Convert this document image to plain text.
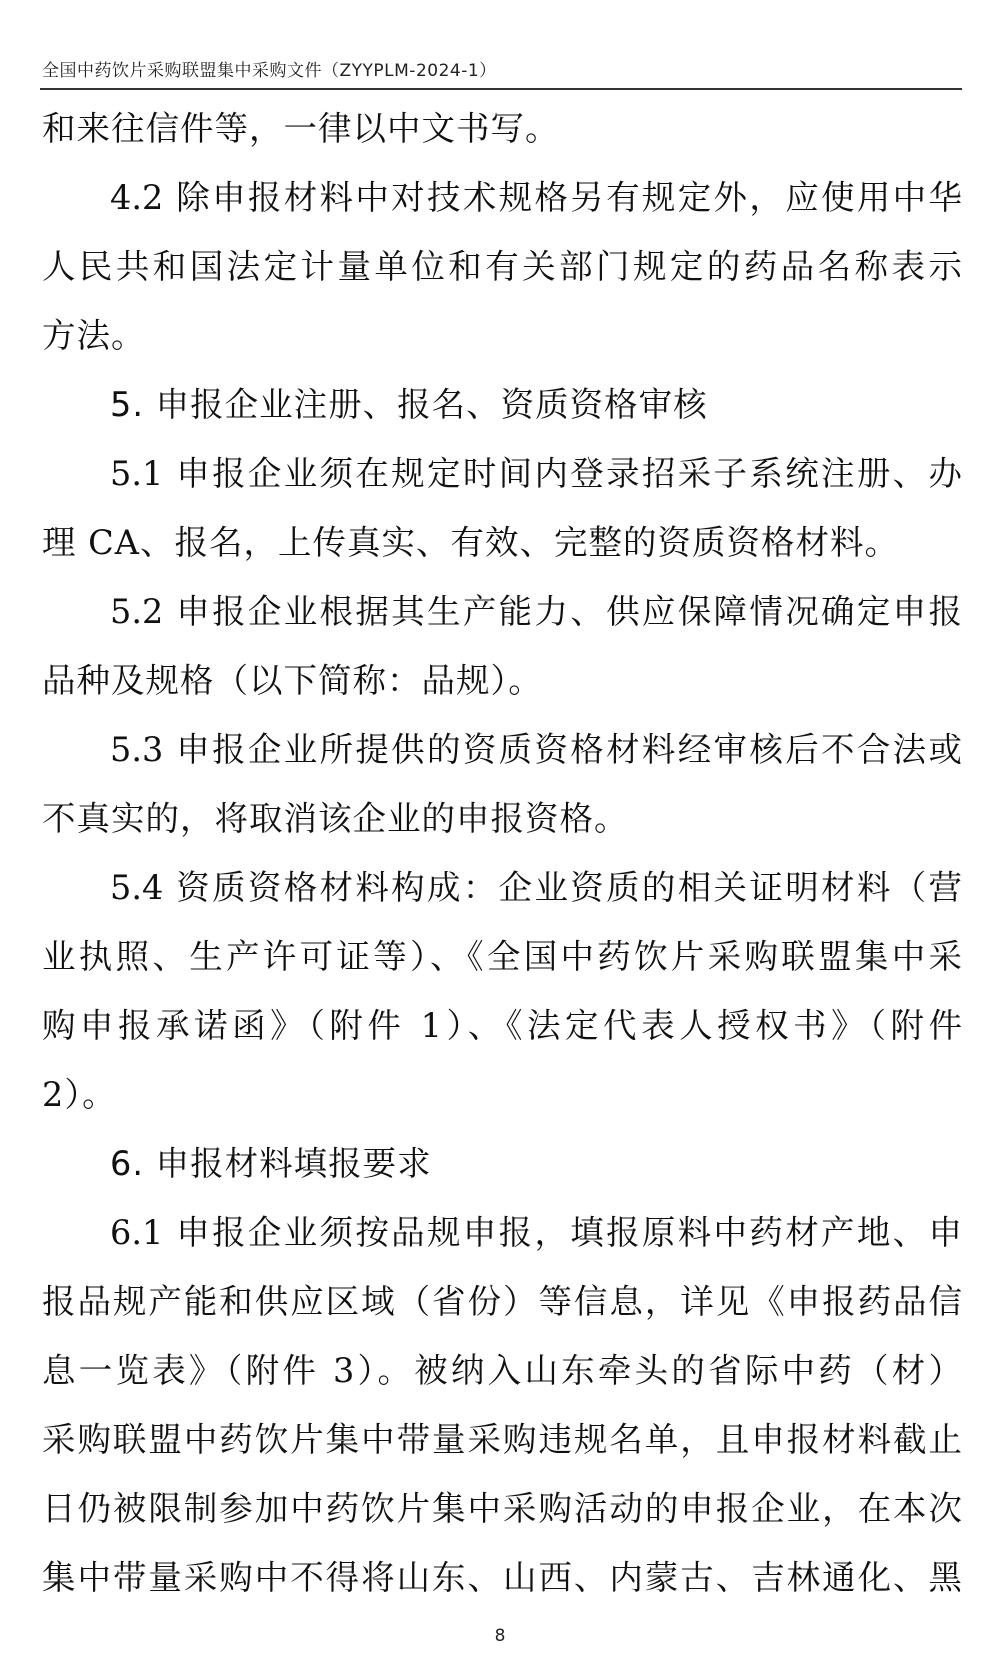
全国中药饮片采购联盟集中采购文件（ZYYPLM-2024-1）
和来往信件等，一律以中文书写。
4.2 除申报材料中对技术规格另有规定外，应使用中华
人民共和国法定计量单位和有关部门规定的药品名称表示
方法。
5. 申报企业注册、报名、资质资格审核
5.1 申报企业须在规定时间内登录招采子系统注册、办
理 CA、报名，上传真实、有效、完整的资质资格材料。
5.2 申报企业根据其生产能力、供应保障情况确定申报
品种及规格（以下简称：品规）。
5.3 申报企业所提供的资质资格材料经审核后不合法或
不真实的，将取消该企业的申报资格。
5.4 资质资格材料构成：企业资质的相关证明材料（营
业执照、生产许可证等）、《全国中药饮片采购联盟集中采
购申报承诺函》（附件 1）、《法定代表人授权书》（附件
2）。
6. 申报材料填报要求
6.1 申报企业须按品规申报，填报原料中药材产地、申
报品规产能和供应区域（省份）等信息，详见《申报药品信
息一览表》（附件 3）。被纳入山东牵头的省际中药（材）
采购联盟中药饮片集中带量采购违规名单，且申报材料截止
日仍被限制参加中药饮片集中采购活动的申报企业，在本次
集中带量采购中不得将山东、山西、内蒙古、吉林通化、黑
8
